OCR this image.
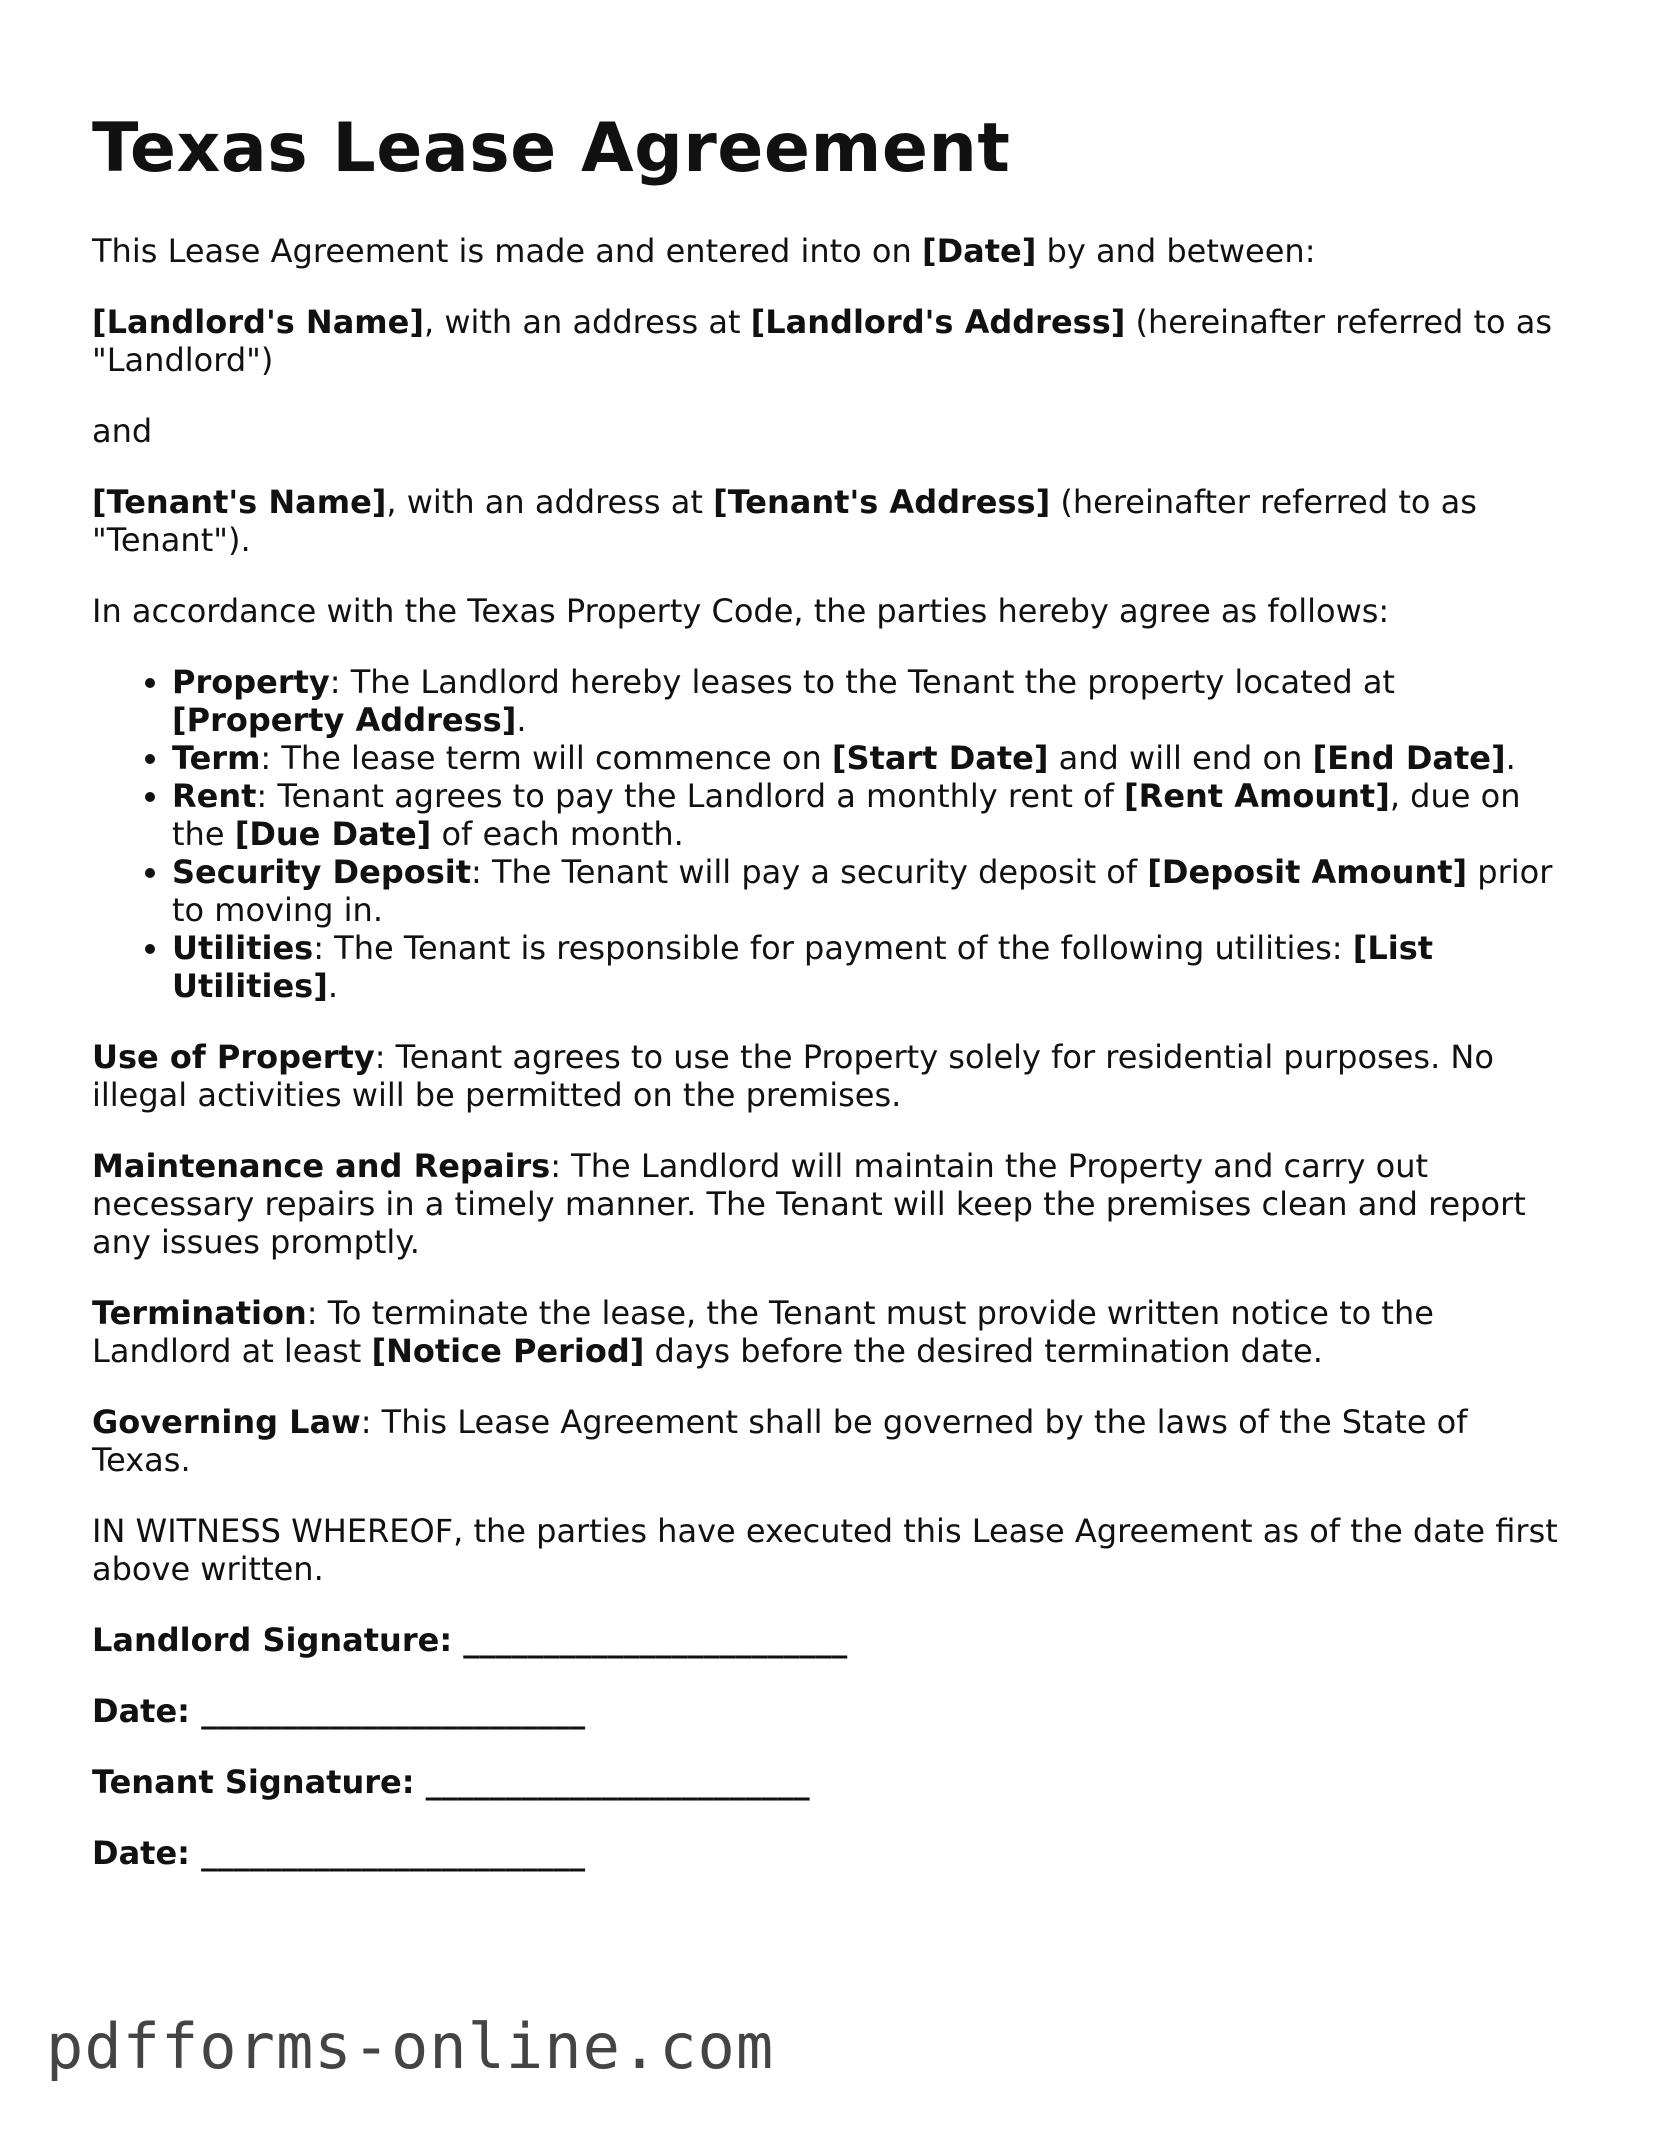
Texas Lease Agreement

This Lease Agreement is made and entered into on [Date] by and between:

[Landlord's Name], with an address at [Landlord's Address] (hereinafter referred to as "Landlord")

and

[Tenant's Name], with an address at [Tenant's Address] (hereinafter referred to as "Tenant").

In accordance with the Texas Property Code, the parties hereby agree as follows:

• Property: The Landlord hereby leases to the Tenant the property located at [Property Address].
• Term: The lease term will commence on [Start Date] and will end on [End Date].
• Rent: Tenant agrees to pay the Landlord a monthly rent of [Rent Amount], due on the [Due Date] of each month.
• Security Deposit: The Tenant will pay a security deposit of [Deposit Amount] prior to moving in.
• Utilities: The Tenant is responsible for payment of the following utilities: [List Utilities].

Use of Property: Tenant agrees to use the Property solely for residential purposes. No illegal activities will be permitted on the premises.

Maintenance and Repairs: The Landlord will maintain the Property and carry out necessary repairs in a timely manner. The Tenant will keep the premises clean and report any issues promptly.

Termination: To terminate the lease, the Tenant must provide written notice to the Landlord at least [Notice Period] days before the desired termination date.

Governing Law: This Lease Agreement shall be governed by the laws of the State of Texas.

IN WITNESS WHEREOF, the parties have executed this Lease Agreement as of the date first above written.

Landlord Signature: ________________________
Date: ________________________
Tenant Signature: ________________________
Date: ________________________
pdfforms-online.com
